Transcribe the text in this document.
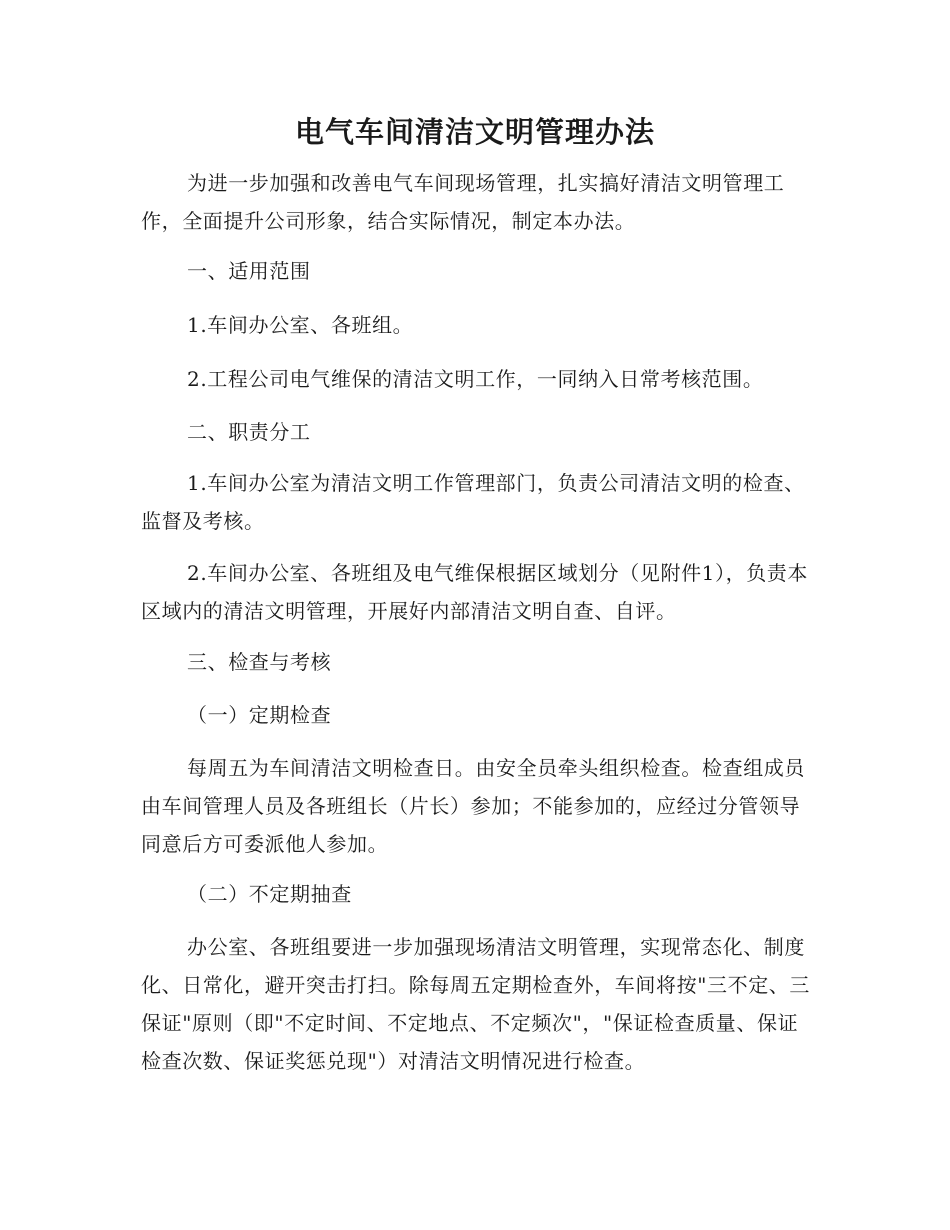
电气车间清洁文明管理办法
为进一步加强和改善电气车间现场管理，扎实搞好清洁文明管理工作，全面提升公司形象，结合实际情况，制定本办法。
一、适用范围
1.车间办公室、各班组。
2.工程公司电气维保的清洁文明工作，一同纳入日常考核范围。
二、职责分工
1.车间办公室为清洁文明工作管理部门，负责公司清洁文明的检查、监督及考核。
2.车间办公室、各班组及电气维保根据区域划分（见附件1），负责本区域内的清洁文明管理，开展好内部清洁文明自查、自评。
三、检查与考核
（一）定期检查
每周五为车间清洁文明检查日。由安全员牵头组织检查。检查组成员由车间管理人员及各班组长（片长）参加；不能参加的，应经过分管领导同意后方可委派他人参加。
（二）不定期抽查
办公室、各班组要进一步加强现场清洁文明管理，实现常态化、制度化、日常化，避开突击打扫。除每周五定期检查外，车间将按"三不定、三保证"原则（即"不定时间、不定地点、不定频次"，"保证检查质量、保证检查次数、保证奖惩兑现"）对清洁文明情况进行检查。
